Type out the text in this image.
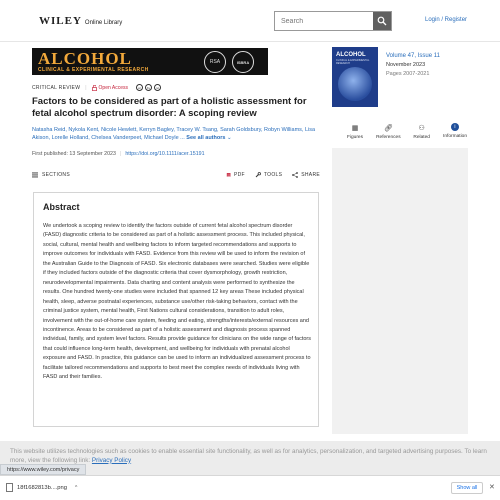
WILEY Online Library
Search	Login / Register
ALCOHOL
CLINICAL & EXPERIMENTAL RESEARCH
RSA	ISBRA
CRITICAL REVIEW | Open Access	cc	by	nc
Factors to be considered as part of a holistic assessment for fetal alcohol spectrum disorder: A scoping review
Natasha Reid, Nykola Kent, Nicole Hewlett, Kerryn Bagley, Tracey W. Tsang, Sarah Goldsbury, Robyn Williams, Lisa Akison, Lorelle Holland, Chelsea Vanderpeet, Michael Doyle ... See all authors ⌄
First published: 13 September 2023 | https://doi.org/10.1111/acer.15191
SECTIONS	▤ PDF	TOOLS	SHARE
Abstract

We undertook a scoping review to identify the factors outside of current fetal alcohol spectrum disorder (FASD) diagnostic criteria to be considered as part of a holistic assessment process. This included physical, social, cultural, mental health and wellbeing factors to inform targeted recommendations and supports to improve outcomes for individuals with FASD. Evidence from this review will be used to inform the revision of the Australian Guide to the Diagnosis of FASD. Six electronic databases were searched. Studies were eligible if they included factors outside of the diagnostic criteria that cover dysmorphology, growth restriction, neurodevelopmental impairments. Data charting and content analysis were performed to synthesize the results. One hundred twenty-one studies were included that spanned 12 key areas These included physical health, sleep, adverse postnatal experiences, substance use/other risk-taking behaviors, contact with the criminal justice system, mental health, First Nations cultural considerations, transition to adult roles, involvement with the out-of-home care system, feeding and eating, strengths/interests/external resources and incontinence. Areas to be considered as part of a holistic assessment and diagnosis process spanned individual, family, and system level factors. Results provide guidance for clinicians on the wide range of factors that could influence long-term health, development, and wellbeing for individuals with prenatal alcohol exposure and FASD. In practice, this guidance can be used to inform an individualized assessment process to facilitate tailored recommendations and supports to best meet the complex needs of individuals living with FASD and their families.

ALCOHOL
CLINICAL & EXPERIMENTAL RESEARCH
Volume 47, Issue 11
November 2023
Pages 2007-2021
▦
Figures
🔗︎
References
⚇
Related
i
Information
This website utilizes technologies such as cookies to enable essential site functionality, as well as for analytics, personalization, and targeted advertising purposes. To learn more, view the following link: Privacy Policy
https://www.wiley.com/privacy
18f1682813b....png ^	Show all	✕
